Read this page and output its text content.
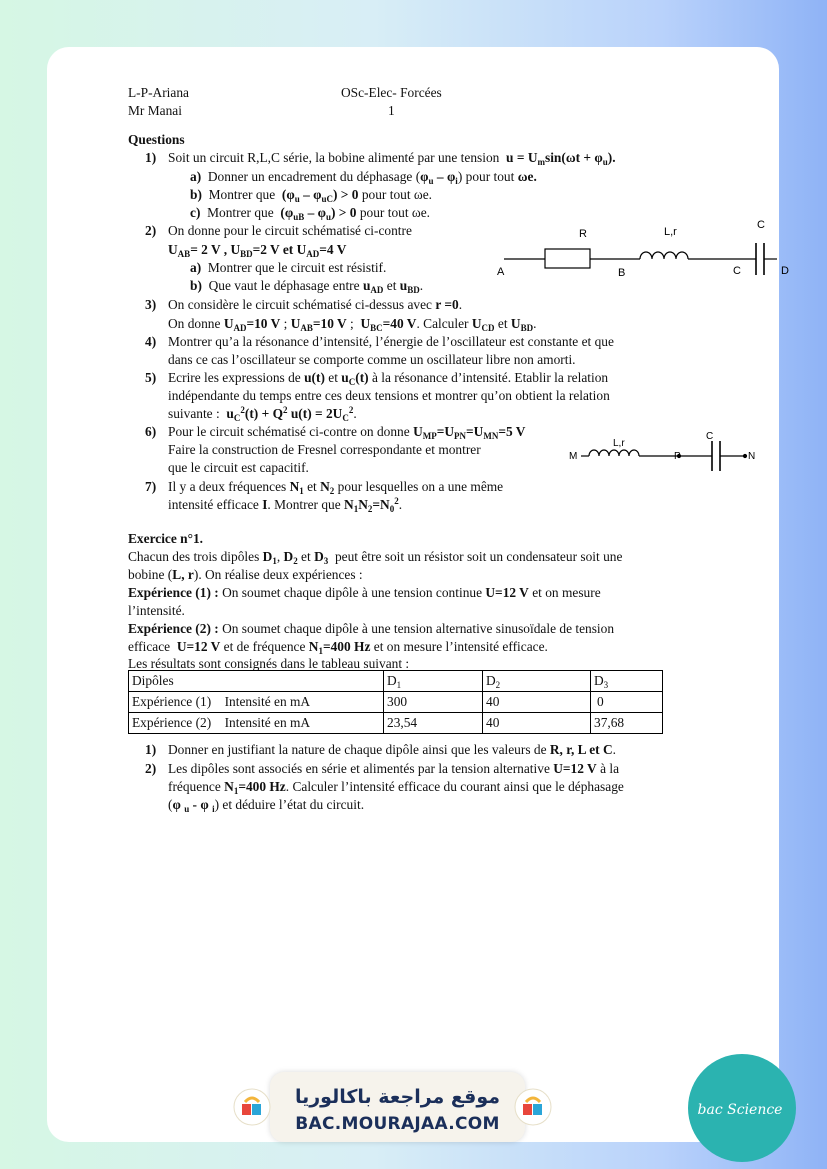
L-P-Ariana
Mr Manai
OSc-Elec- Forcées
1
Questions
1) Soit un circuit R,L,C série, la bobine alimenté par une tension $u = U_m\sin(\omega t + \varphi_u)$.
a) Donner un encadrement du déphasage $(\varphi_u - \varphi_i)$ pour tout ωe.
b) Montrer que $(\varphi_u - \varphi_{uC}) > 0$ pour tout ωe.
c) Montrer que $(\varphi_{uB} - \varphi_u) > 0$ pour tout ωe.
2) On donne pour le circuit schématisé ci-contre
$U_{AB}= 2$ V , $U_{BD}=2$ V et $U_{AD}=4$ V
a) Montrer que le circuit est résistif.
b) Que vaut le déphasage entre $u_{AD}$ et $u_{BD}$.
R	L,r
C
A	B	C	D
3) On considère le circuit schématisé ci-dessus avec r =0.
On donne $U_{AD}=10$ V ; $U_{AB}=10$ V ;  $U_{BC}=40$ V. Calculer $U_{CD}$ et $U_{BD}$.
4) Montrer qu’a la résonance d’intensité, l’énergie de l’oscillateur est constante et que
dans ce cas l’oscillateur se comporte comme un oscillateur libre non amorti.
5) Ecrire les expressions de u(t) et $u_C(t)$ à la résonance d’intensité. Etablir la relation
indépendante du temps entre ces deux tensions et montrer qu’on obtient la relation
suivante : $u_C^2(t) + Q^2$ $u(t) = 2U_C^2$.
6) Pour le circuit schématisé ci-contre on donne $U_{MP}=U_{PN}=U_{MN}=5$ V
Faire la construction de Fresnel correspondante et montrer
que le circuit est capacitif.
M
L,r
P
C
N
7) Il y a deux fréquences $N_1$ et $N_2$ pour lesquelles on a une même
intensité efficace I. Montrer que $N_1N_2=N_0^2$.
Exercice n°1.
Chacun des trois dipôles $D_1$, $D_2$ et $D_3$ peut être soit un résistor soit un condensateur soit une
bobine (L, r). On réalise deux expériences :
Expérience (1) : On soumet chaque dipôle à une tension continue U=12 V et on mesure
l’intensité.
Expérience (2) : On soumet chaque dipôle à une tension alternative sinusoïdale de tension
efficace U=12 V et de fréquence $N_1=400$ Hz et on mesure l’intensité efficace.
Les résultats sont consignés dans le tableau suivant :
Dipôles	$D_1$	$D_2$	$D_3$
Expérience (1) Intensité en mA	300	40	0
Expérience (2) Intensité en mA	23,54	40	37,68
1) Donner en justifiant la nature de chaque dipôle ainsi que les valeurs de R, r, L et C.
2) Les dipôles sont associés en série et alimentés par la tension alternative U=12 V à la
fréquence $N_1=400$ Hz. Calculer l’intensité efficace du courant ainsi que le déphasage
(φ $_u$ - φ $_i$) et déduire l’état du circuit.
موقع مراجعة باكالوريا
BAC.MOURAJAA.COM
bac Science
